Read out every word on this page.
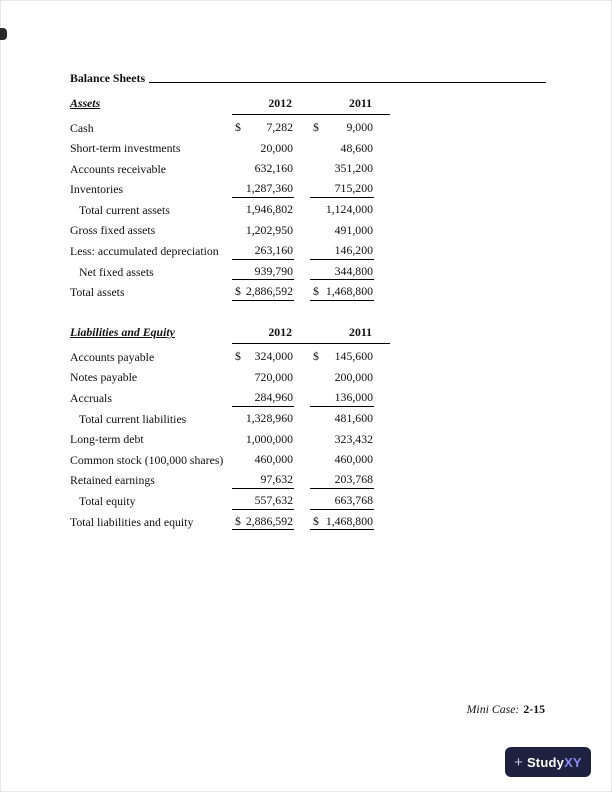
Balance Sheets
Assets	2012	2011
Cash	$ 7,282 $ 9,000
Short-term investments	20,000	48,600
Accounts receivable	632,160	351,200
Inventories	1,287,360	715,200
Total current assets	1,946,802	1,124,000
Gross fixed assets	1,202,950	491,000
Less: accumulated depreciation	263,160	146,200
Net fixed assets	939,790	344,800
Total assets	$ 2,886,592 $ 1,468,800
Liabilities and Equity	2012	2011
Accounts payable	$ 324,000 $ 145,600
Notes payable	720,000	200,000
Accruals	284,960	136,000
Total current liabilities	1,328,960	481,600
Long-term debt	1,000,000	323,432
Common stock (100,000 shares)	460,000	460,000
Retained earnings	97,632	203,768
Total equity	557,632	663,768
Total liabilities and equity	$ 2,886,592 $ 1,468,800
Mini Case: 2-15
+ Study XY
